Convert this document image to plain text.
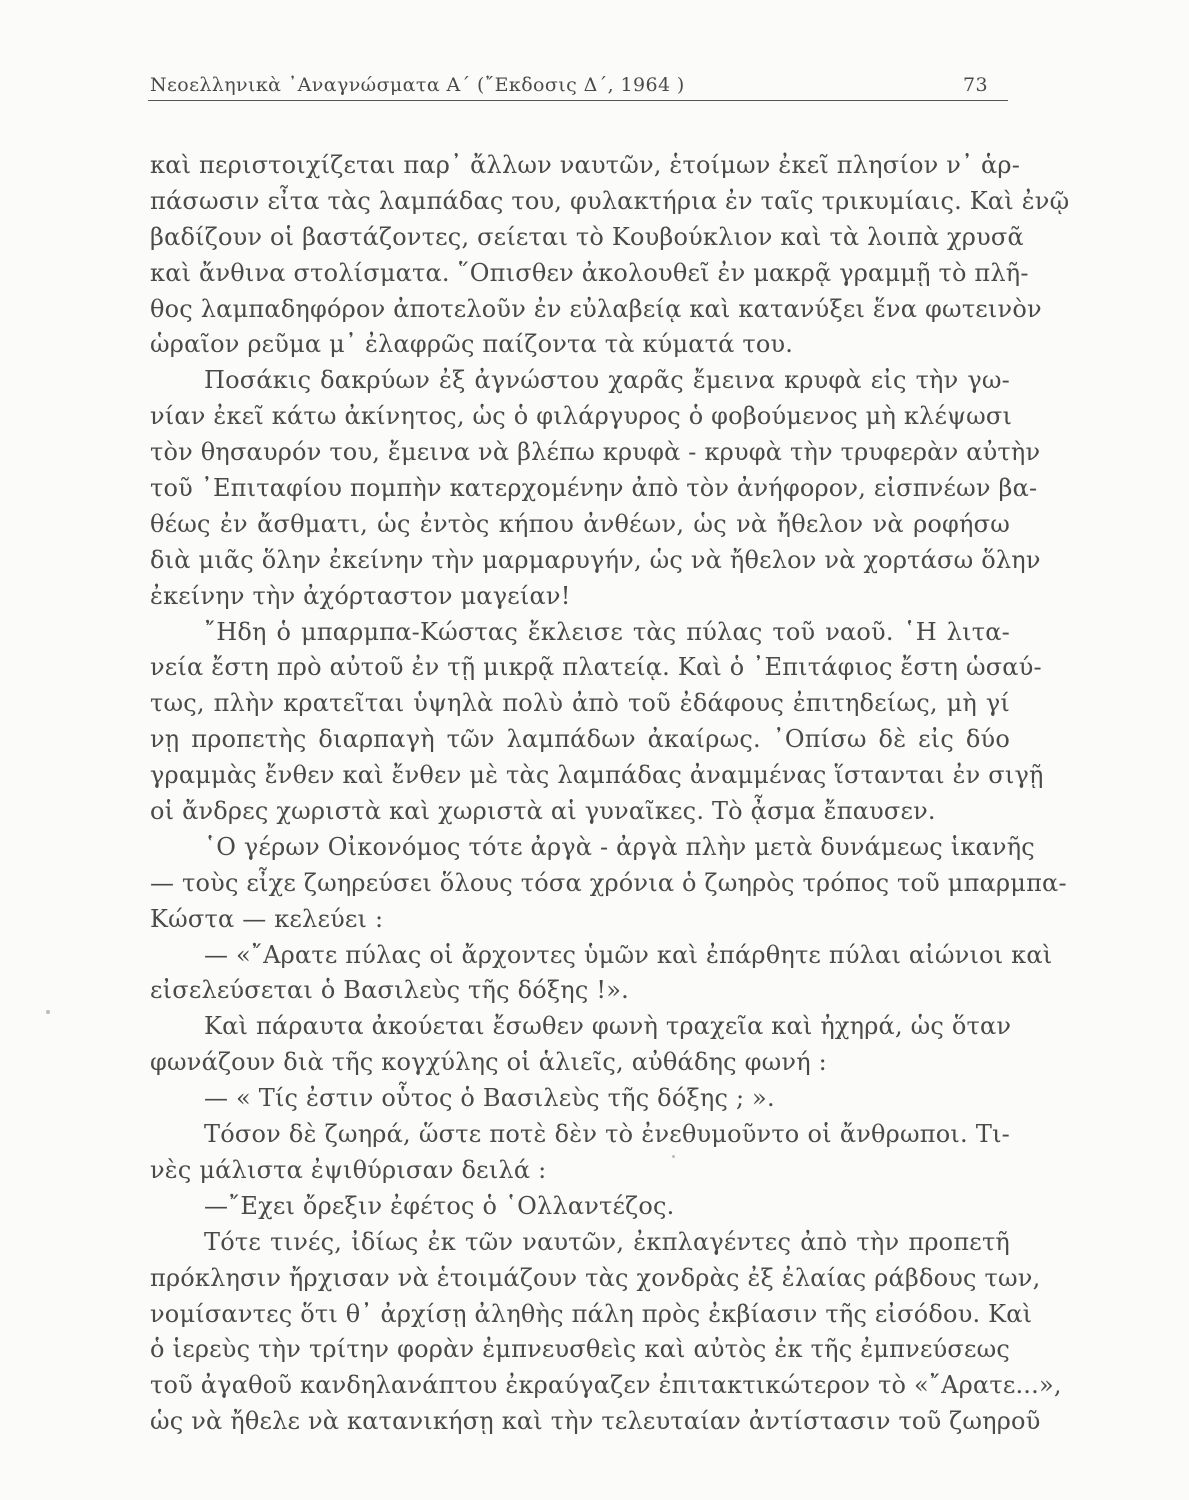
Νεοελληνικὰ ᾿Αναγνώσματα Α΄ (῎Εκδοσις Δ΄, 1964 )	73
καὶ περιστοιχίζεται παρ᾿ ἄλλων ναυτῶν, ἑτοίμων ἐκεῖ πλησίον ν᾿ ἁρ-
πάσωσιν εἶτα τὰς λαμπάδας του, φυλακτήρια ἐν ταῖς τρικυμίαις. Καὶ ἐνῷ
βαδίζουν οἱ βαστάζοντες, σείεται τὸ Κουβούκλιον καὶ τὰ λοιπὰ χρυσᾶ
καὶ ἄνθινα στολίσματα. ῞Οπισθεν ἀκολουθεῖ ἐν μακρᾷ γραμμῇ τὸ πλῆ-
θος λαμπαδηφόρον ἀποτελοῦν ἐν εὐλαβείᾳ καὶ κατανύξει ἕνα φωτεινὸν
ὡραῖον ρεῦμα μ᾿ ἐλαφρῶς παίζοντα τὰ κύματά του.
Ποσάκις δακρύων ἐξ ἀγνώστου χαρᾶς ἔμεινα κρυφὰ εἰς τὴν γω-
νίαν ἐκεῖ κάτω ἀκίνητος, ὡς ὁ φιλάργυρος ὁ φοβούμενος μὴ κλέψωσι
τὸν θησαυρόν του, ἔμεινα νὰ βλέπω κρυφὰ - κρυφὰ τὴν τρυφερὰν αὐτὴν
τοῦ ᾿Επιταφίου πομπὴν κατερχομένην ἀπὸ τὸν ἀνήφορον, εἰσπνέων βα-
θέως ἐν ἄσθματι, ὡς ἐντὸς κήπου ἀνθέων, ὡς νὰ ἤθελον νὰ ροφήσω
διὰ μιᾶς ὅλην ἐκείνην τὴν μαρμαρυγήν, ὡς νὰ ἤθελον νὰ χορτάσω ὅλην
ἐκείνην τὴν ἀχόρταστον μαγείαν!
῎Ηδη ὁ μπαρμπα-Κώστας ἔκλεισε τὰς πύλας τοῦ ναοῦ. ῾Η λιτα-
νεία ἔστη πρὸ αὐτοῦ ἐν τῇ μικρᾷ πλατείᾳ. Καὶ ὁ ᾿Επιτάφιος ἔστη ὡσαύ-
τως, πλὴν κρατεῖται ὑψηλὰ πολὺ ἀπὸ τοῦ ἐδάφους ἐπιτηδείως, μὴ γί
νῃ προπετὴς διαρπαγὴ τῶν λαμπάδων ἀκαίρως. ᾿Οπίσω δὲ εἰς δύο
γραμμὰς ἔνθεν καὶ ἔνθεν μὲ τὰς λαμπάδας ἀναμμένας ἵστανται ἐν σιγῇ
οἱ ἄνδρες χωριστὰ καὶ χωριστὰ αἱ γυναῖκες. Τὸ ᾆσμα ἔπαυσεν.
῾Ο γέρων Οἰκονόμος τότε ἀργὰ - ἀργὰ πλὴν μετὰ δυνάμεως ἱκανῆς
— τοὺς εἶχε ζωηρεύσει ὅλους τόσα χρόνια ὁ ζωηρὸς τρόπος τοῦ μπαρμπα-
Κώστα — κελεύει :
— «῎Αρατε πύλας οἱ ἄρχοντες ὑμῶν καὶ ἐπάρθητε πύλαι αἰώνιοι καὶ
εἰσελεύσεται ὁ Βασιλεὺς τῆς δόξης !».
Καὶ πάραυτα ἀκούεται ἔσωθεν φωνὴ τραχεῖα καὶ ἠχηρά, ὡς ὅταν
φωνάζουν διὰ τῆς κογχύλης οἱ ἁλιεῖς, αὐθάδης φωνή :
— « Τίς ἐστιν οὗτος ὁ Βασιλεὺς τῆς δόξης ; ».
Τόσον δὲ ζωηρά, ὥστε ποτὲ δὲν τὸ ἐνεθυμοῦντο οἱ ἄνθρωποι. Τι-
νὲς μάλιστα ἐψιθύρισαν δειλά :
—῎Εχει ὄρεξιν ἐφέτος ὁ ῾Ολλαντέζος.
Τότε τινές, ἰδίως ἐκ τῶν ναυτῶν, ἐκπλαγέντες ἀπὸ τὴν προπετῆ
πρόκλησιν ἤρχισαν νὰ ἑτοιμάζουν τὰς χονδρὰς ἐξ ἐλαίας ράβδους των,
νομίσαντες ὅτι θ᾿ ἀρχίσῃ ἀληθὴς πάλη πρὸς ἐκβίασιν τῆς εἰσόδου. Καὶ
ὁ ἱερεὺς τὴν τρίτην φορὰν ἐμπνευσθεὶς καὶ αὐτὸς ἐκ τῆς ἐμπνεύσεως
τοῦ ἀγαθοῦ κανδηλανάπτου ἐκραύγαζεν ἐπιτακτικώτερον τὸ «῎Αρατε...»,
ὡς νὰ ἤθελε νὰ κατανικήσῃ καὶ τὴν τελευταίαν ἀντίστασιν τοῦ ζωηροῦ
